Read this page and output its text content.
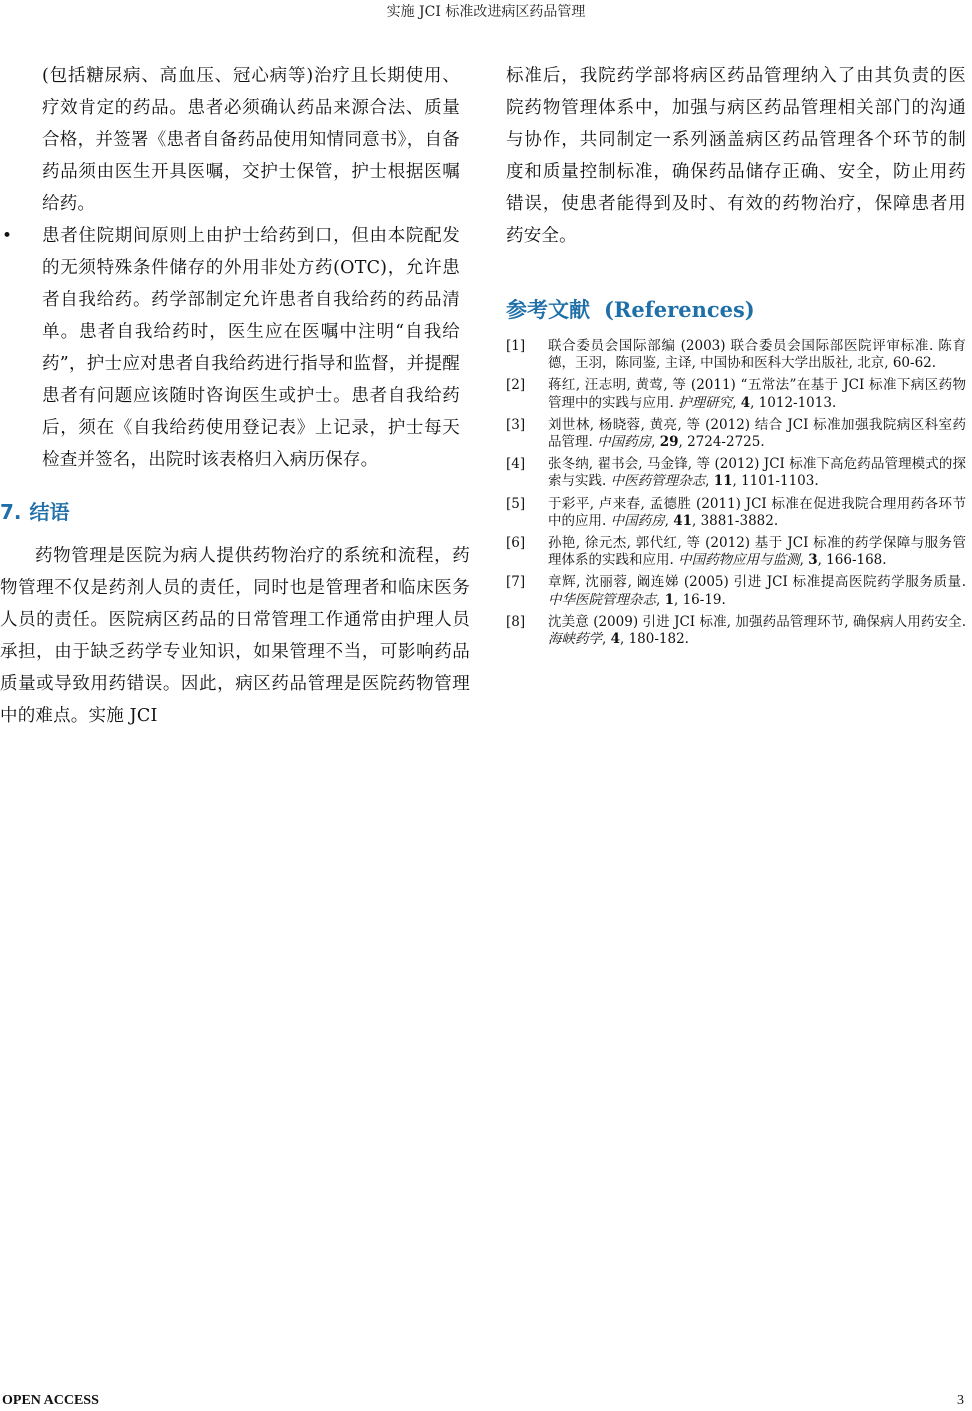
实施 JCI 标准改进病区药品管理

(包括糖尿病、高血压、冠心病等)治疗且长期使用、疗效肯定的药品。患者必须确认药品来源合法、质量合格，并签署《患者自备药品使用知情同意书》，自备药品须由医生开具医嘱，交护士保管，护士根据医嘱给药。

• 患者住院期间原则上由护士给药到口，但由本院配发的无须特殊条件储存的外用非处方药(OTC)，允许患者自我给药。药学部制定允许患者自我给药的药品清单。患者自我给药时，医生应在医嘱中注明“自我给药”，护士应对患者自我给药进行指导和监督，并提醒患者有问题应该随时咨询医生或护士。患者自我给药后，须在《自我给药使用登记表》上记录，护士每天检查并签名，出院时该表格归入病历保存。

7. 结语

药物管理是医院为病人提供药物治疗的系统和流程，药物管理不仅是药剂人员的责任，同时也是管理者和临床医务人员的责任。医院病区药品的日常管理工作通常由护理人员承担，由于缺乏药学专业知识，如果管理不当，可影响药品质量或导致用药错误。因此，病区药品管理是医院药物管理中的难点。实施 JCI

标准后，我院药学部将病区药品管理纳入了由其负责的医院药物管理体系中，加强与病区药品管理相关部门的沟通与协作，共同制定一系列涵盖病区药品管理各个环节的制度和质量控制标准，确保药品储存正确、安全，防止用药错误，使患者能得到及时、有效的药物治疗，保障患者用药安全。

参考文献 (References)
[1] 联合委员会国际部编 (2003) 联合委员会国际部医院评审标准. 陈育德，王羽，陈同鉴, 主译, 中国协和医科大学出版社, 北京, 60-62.
[2] 蒋红, 汪志明, 黄莺, 等 (2011) “五常法”在基于 JCI 标准下病区药物管理中的实践与应用. 护理研究, 4, 1012-1013.
[3] 刘世林, 杨晓蓉, 黄亮, 等 (2012) 结合 JCI 标准加强我院病区科室药品管理. 中国药房, 29, 2724-2725.
[4] 张冬纳, 翟书会, 马金锋, 等 (2012) JCI 标准下高危药品管理模式的探索与实践. 中医药管理杂志, 11, 1101-1103.
[5] 于彩平, 卢来春, 孟德胜 (2011) JCI 标准在促进我院合理用药各环节中的应用. 中国药房, 41, 3881-3882.
[6] 孙艳, 徐元杰, 郭代红, 等 (2012) 基于 JCI 标准的药学保障与服务管理体系的实践和应用. 中国药物应用与监测, 3, 166-168.
[7] 章辉, 沈丽蓉, 阚连娣 (2005) 引进 JCI 标准提高医院药学服务质量. 中华医院管理杂志, 1, 16-19.
[8] 沈美意 (2009) 引进 JCI 标准, 加强药品管理环节, 确保病人用药安全. 海峡药学, 4, 180-182.
OPEN ACCESS	3
